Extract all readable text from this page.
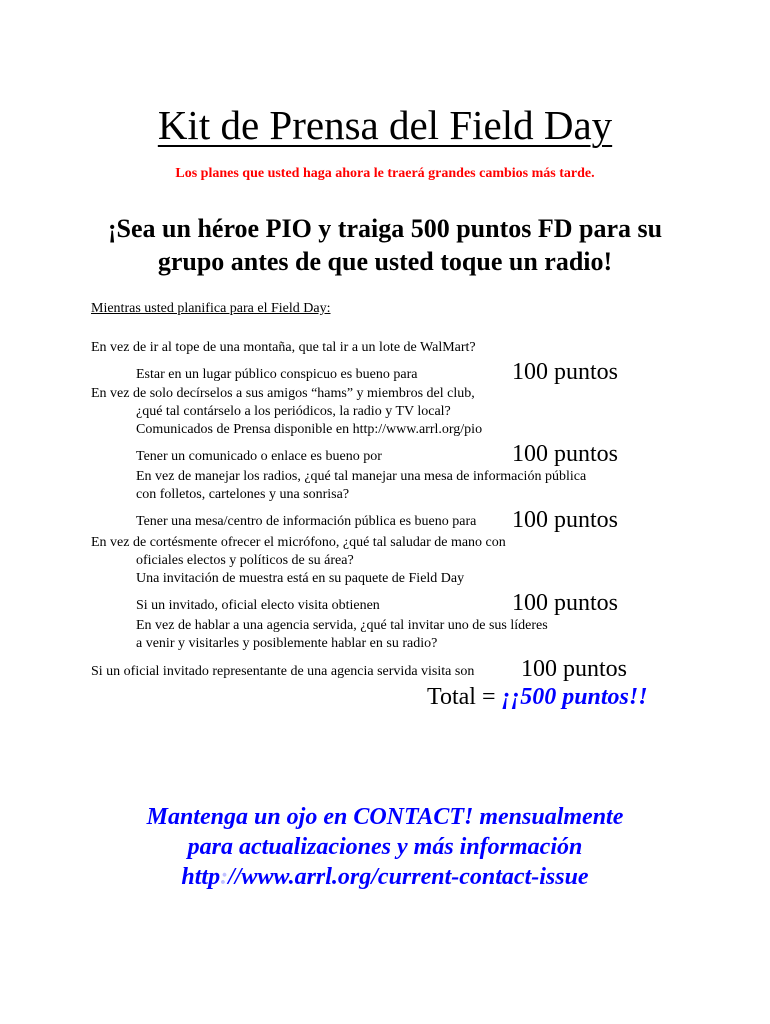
Kit de Prensa del Field Day
Los planes que usted haga ahora le traerá grandes cambios más tarde.
¡Sea un héroe PIO y traiga 500 puntos FD para su
grupo antes de que usted toque un radio!
Mientras usted planifica para el Field Day:
En vez de ir al tope de una montaña, que tal ir a un lote de WalMart?
Estar en un lugar público conspicuo es bueno para	100 puntos
En vez de solo decírselos a sus amigos “hams” y miembros del club,
¿qué tal contárselo a los periódicos, la radio y TV local?
Comunicados de Prensa disponible en http://www.arrl.org/pio
Tener un comunicado o enlace es bueno por	100 puntos
En vez de manejar los radios, ¿qué tal manejar una mesa de información pública
con folletos, cartelones y una sonrisa?
Tener una mesa/centro de información pública es bueno para 100 puntos
En vez de cortésmente ofrecer el micrófono, ¿qué tal saludar de mano con
oficiales electos y políticos de su área?
Una invitación de muestra está en su paquete de Field Day
Si un invitado, oficial electo visita obtienen	100 puntos
En vez de hablar a una agencia servida, ¿qué tal invitar uno de sus líderes
a venir y visitarles y posiblemente hablar en su radio?
Si un oficial invitado representante de una agencia servida visita son 100 puntos
Total = ¡¡500 puntos!!
Mantenga un ojo en CONTACT! mensualmente
para actualizaciones y más información
http://www.arrl.org/current-contact-issue
